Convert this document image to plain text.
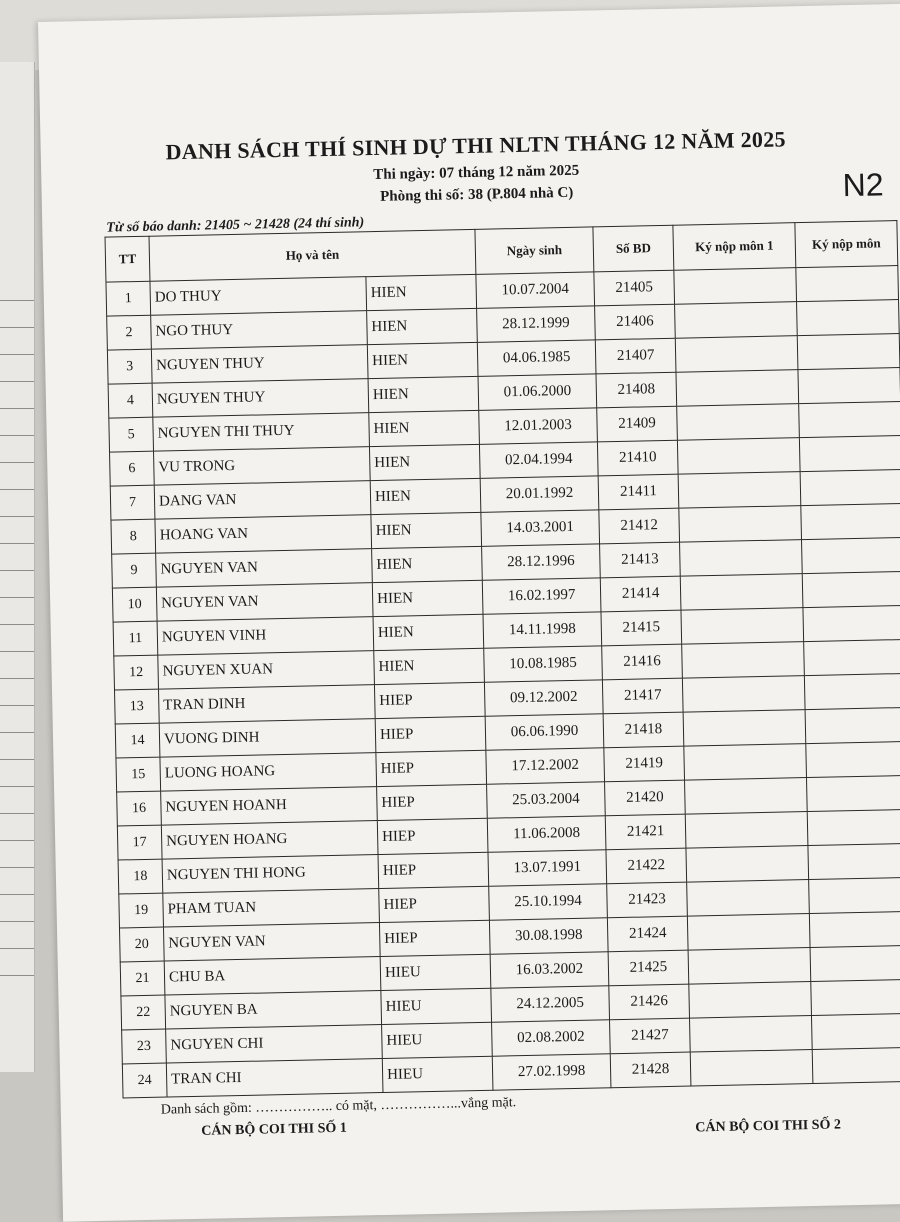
DANH SÁCH THÍ SINH DỰ THI NLTN THÁNG 12 NĂM 2025
Thi ngày: 07 tháng 12 năm 2025
Phòng thi số: 38 (P.804 nhà C)	N2
Từ số báo danh: 21405 ~ 21428 (24 thí sinh)
TT	Họ và tên		Ngày sinh	Số BD	Ký nộp môn 1	Ký nộp môn
1	DO THUY	HIEN	10.07.2004	21405		
2	NGO THUY	HIEN	28.12.1999	21406		
3	NGUYEN THUY	HIEN	04.06.1985	21407		
4	NGUYEN THUY	HIEN	01.06.2000	21408		
5	NGUYEN THI THUY	HIEN	12.01.2003	21409		
6	VU TRONG	HIEN	02.04.1994	21410		
7	DANG VAN	HIEN	20.01.1992	21411		
8	HOANG VAN	HIEN	14.03.2001	21412		
9	NGUYEN VAN	HIEN	28.12.1996	21413		
10	NGUYEN VAN	HIEN	16.02.1997	21414		
11	NGUYEN VINH	HIEN	14.11.1998	21415		
12	NGUYEN XUAN	HIEN	10.08.1985	21416		
13	TRAN DINH	HIEP	09.12.2002	21417		
14	VUONG DINH	HIEP	06.06.1990	21418		
15	LUONG HOANG	HIEP	17.12.2002	21419		
16	NGUYEN HOANH	HIEP	25.03.2004	21420		
17	NGUYEN HOANG	HIEP	11.06.2008	21421		
18	NGUYEN THI HONG	HIEP	13.07.1991	21422		
19	PHAM TUAN	HIEP	25.10.1994	21423		
20	NGUYEN VAN	HIEP	30.08.1998	21424		
21	CHU BA	HIEU	16.03.2002	21425		
22	NGUYEN BA	HIEU	24.12.2005	21426		
23	NGUYEN CHI	HIEU	02.08.2002	21427		
24	TRAN CHI	HIEU	27.02.1998	21428		
Danh sách gồm: …………….. có mặt, ……………...vắng mặt.
CÁN BỘ COI THI SỐ 1	CÁN BỘ COI THI SỐ 2
